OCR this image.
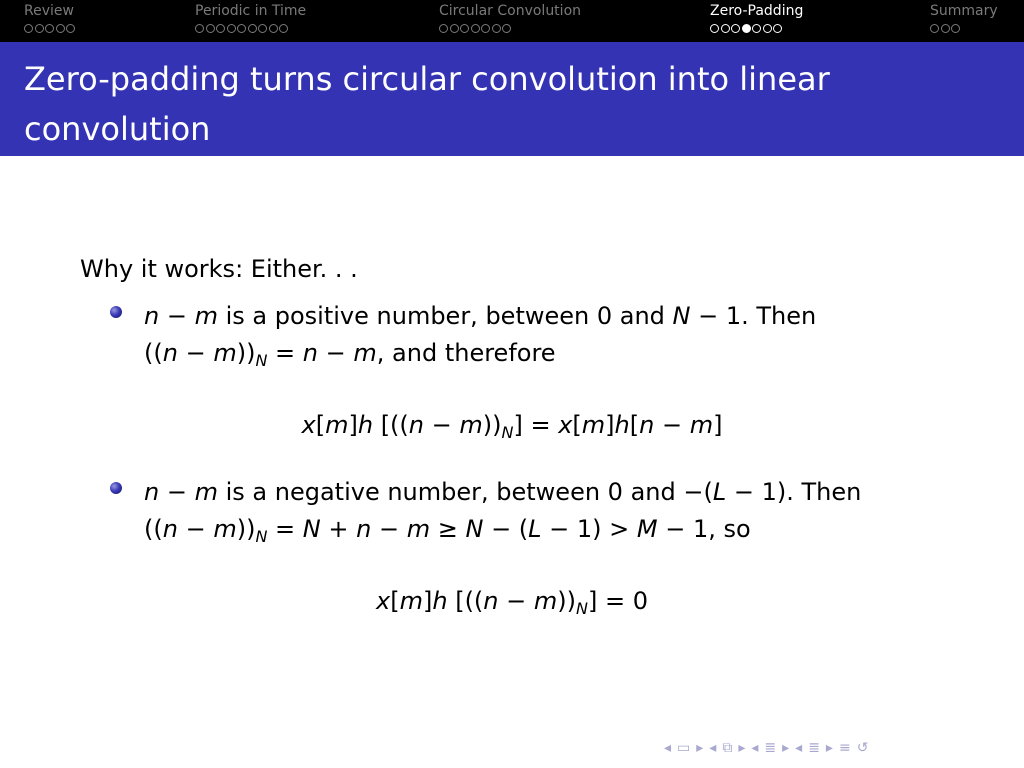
Review	Periodic in Time	Circular Convolution	Zero-Padding	Summary
Zero-padding turns circular convolution into linear convolution
Why it works: Either. . .
n − m is a positive number, between 0 and N − 1. Then
$((n - m))_N = n - m$, and therefore
x[m]h $[((n - m))_N] = x[m]h[n - m]$
n − m is a negative number, between 0 and −(L − 1). Then
$((n - m))_N = N + n - m \ge N - (L - 1) > M - 1$, so
x[m]h $[((n - m))_N] = 0$
◂ ▭ ▸ ◂ ⧉ ▸ ◂ ≣ ▸ ◂ ≣ ▸ ≡ ↺
